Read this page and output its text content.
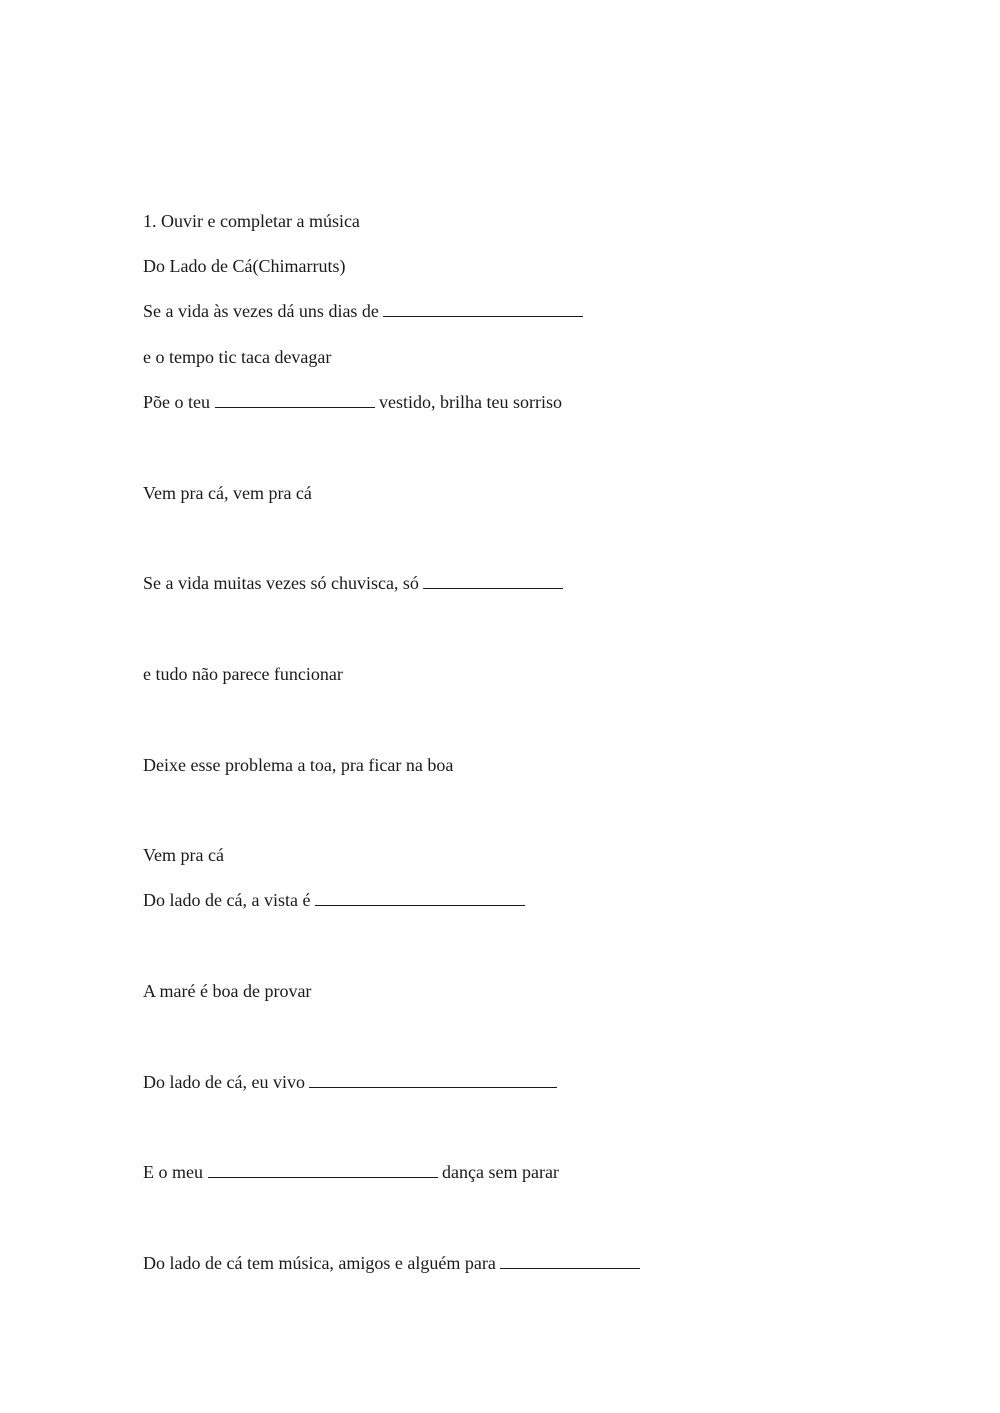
1. Ouvir e completar a música
Do Lado de Cá(Chimarruts)
Se a vida às vezes dá uns dias de
e o tempo tic taca devagar
Põe o teu	vestido, brilha teu sorriso
Vem pra cá, vem pra cá
Se a vida muitas vezes só chuvisca, só
e tudo não parece funcionar
Deixe esse problema a toa, pra ficar na boa
Vem pra cá
Do lado de cá, a vista é
A maré é boa de provar
Do lado de cá, eu vivo
E o meu	dança sem parar
Do lado de cá tem música, amigos e alguém para
